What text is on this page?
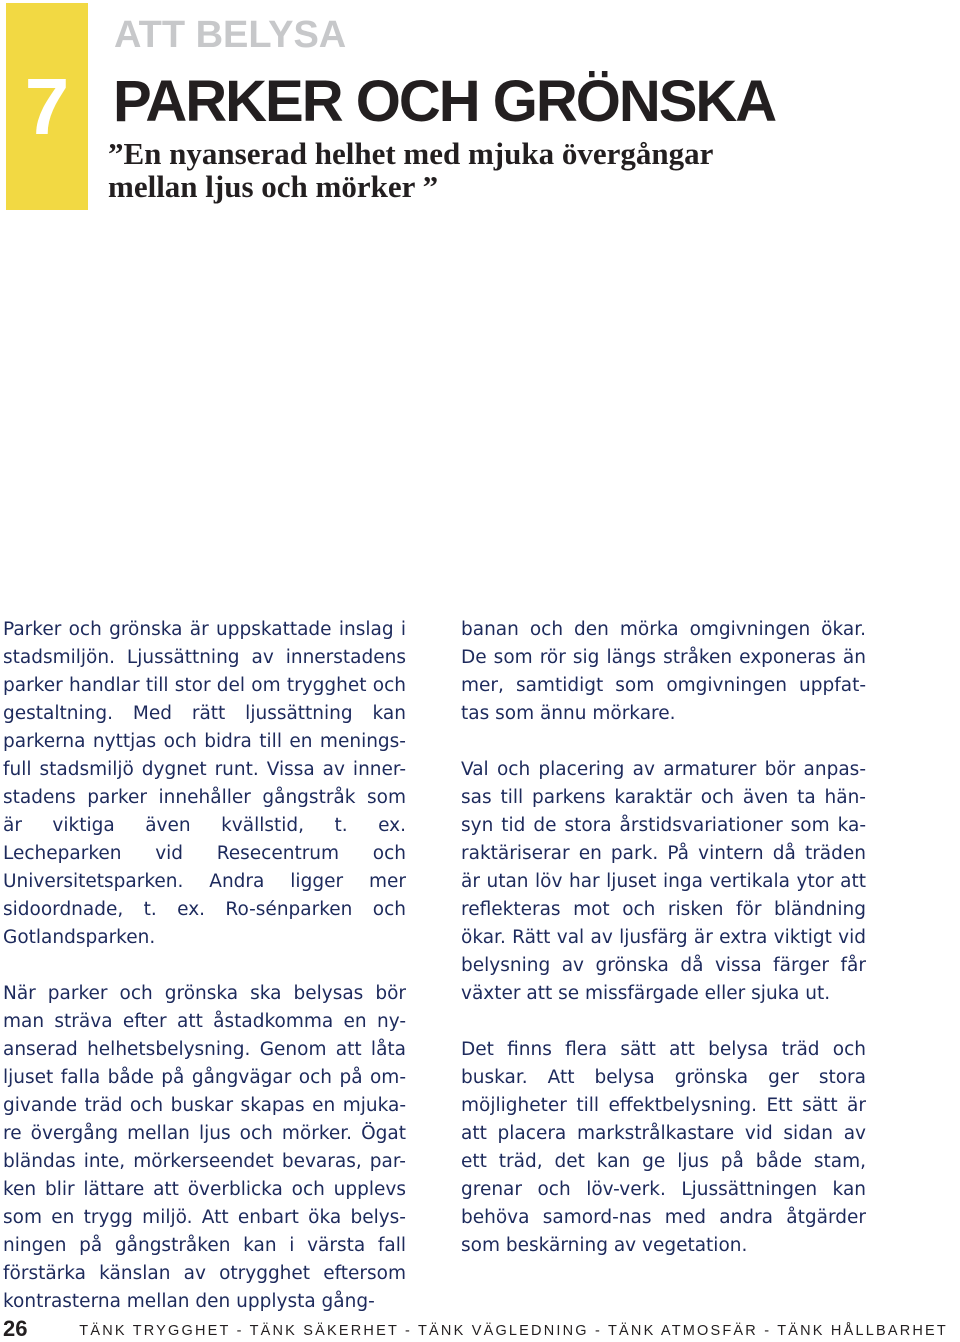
7
ATT BELYSA
PARKER OCH GRÖNSKA
”En nyanserad helhet med mjuka övergångar
mellan ljus och mörker ”

Parker och grönska är uppskattade inslag i stadsmiljön. Ljussättning av innerstadens parker handlar till stor del om trygghet och gestaltning. Med rätt ljussättning kan parkerna nyttjas och bidra till en menings-full stadsmiljö dygnet runt. Vissa av inner-stadens parker innehåller gångstråk som är viktiga även kvällstid, t. ex. Lecheparken vid Resecentrum och Universitetsparken. Andra ligger mer sidoordnade, t. ex. Ro-sénparken och Gotlandsparken.

När parker och grönska ska belysas bör man sträva efter att åstadkomma en ny-anserad helhetsbelysning. Genom att låta ljuset falla både på gångvägar och på om-givande träd och buskar skapas en mjuka-re övergång mellan ljus och mörker. Ögat bländas inte, mörkerseendet bevaras, par-ken blir lättare att överblicka och upplevs som en trygg miljö. Att enbart öka belys-ningen på gångstråken kan i värsta fall förstärka känslan av otrygghet eftersom kontrasterna mellan den upplysta gång-

banan och den mörka omgivningen ökar. De som rör sig längs stråken exponeras än mer, samtidigt som omgivningen uppfat-tas som ännu mörkare.

Val och placering av armaturer bör anpas-sas till parkens karaktär och även ta hän-syn tid de stora årstidsvariationer som ka-raktäriserar en park. På vintern då träden är utan löv har ljuset inga vertikala ytor att reflekteras mot och risken för bländning ökar. Rätt val av ljusfärg är extra viktigt vid belysning av grönska då vissa färger får växter att se missfärgade eller sjuka ut.

Det finns flera sätt att belysa träd och buskar. Att belysa grönska ger stora möjligheter till effektbelysning. Ett sätt är att placera markstrålkastare vid sidan av ett träd, det kan ge ljus på både stam, grenar och löv-verk. Ljussättningen kan behöva samord-nas med andra åtgärder som beskärning av vegetation.

26	TÄNK TRYGGHET - TÄNK SÄKERHET - TÄNK VÄGLEDNING - TÄNK ATMOSFÄR - TÄNK HÅLLBARHET
